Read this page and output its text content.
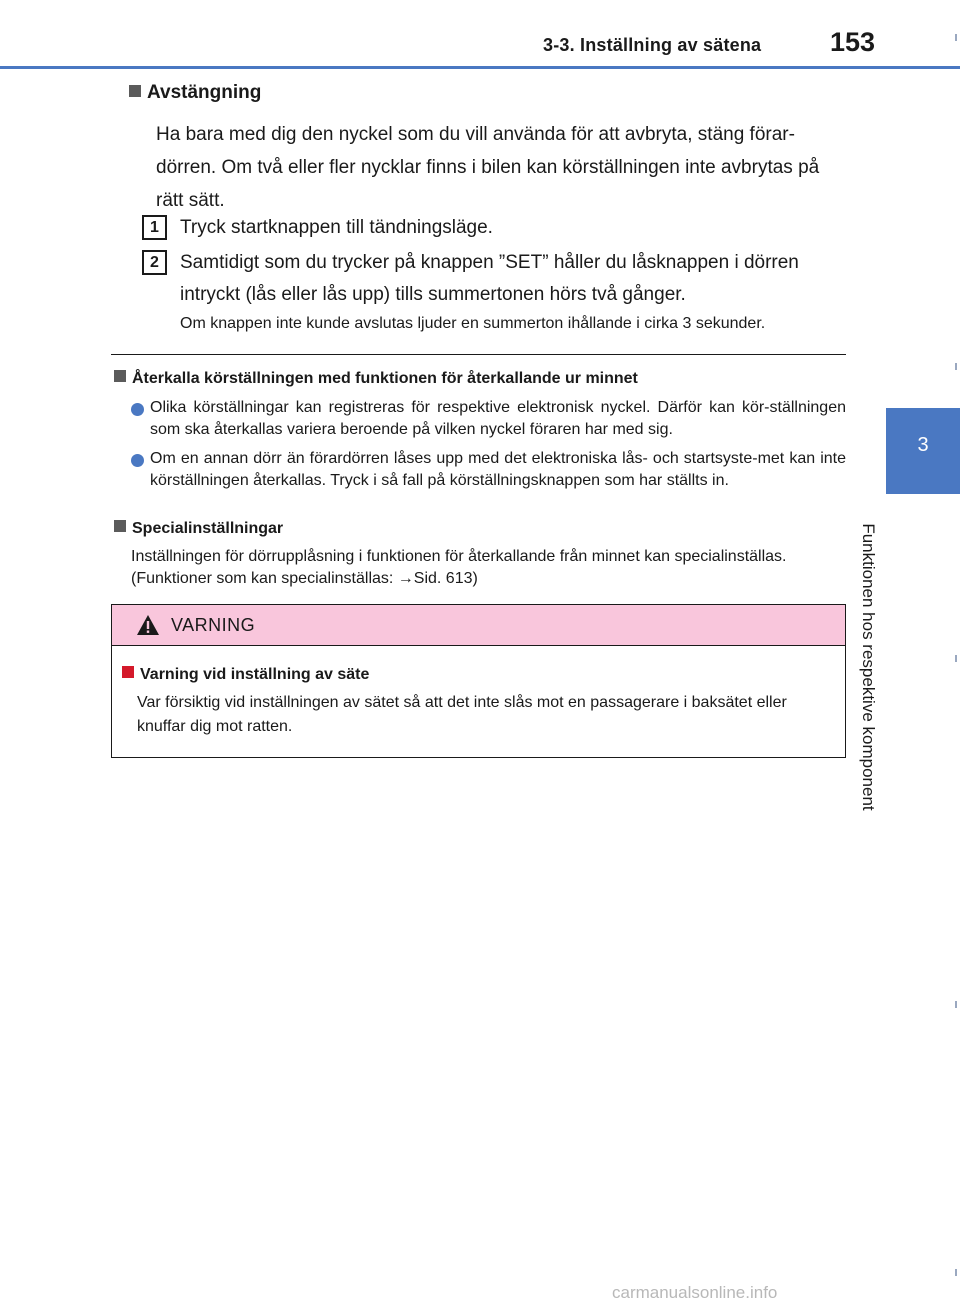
3-3. Inställning av sätena	153
3
Funktionen hos respektive komponent
Avstängning
Ha bara med dig den nyckel som du vill använda för att avbryta, stäng förar-dörren. Om två eller fler nycklar finns i bilen kan körställningen inte avbrytas på rätt sätt.
1	Tryck startknappen till tändningsläge.
2	Samtidigt som du trycker på knappen ”SET” håller du låsknappen i dörren intryckt (lås eller lås upp) tills summertonen hörs två gånger.
Om knappen inte kunde avslutas ljuder en summerton ihållande i cirka 3 sekunder.
Återkalla körställningen med funktionen för återkallande ur minnet
Olika körställningar kan registreras för respektive elektronisk nyckel. Därför kan kör-ställningen som ska återkallas variera beroende på vilken nyckel föraren har med sig.
Om en annan dörr än förardörren låses upp med det elektroniska lås- och startsyste-met kan inte körställningen återkallas. Tryck i så fall på körställningsknappen som har ställts in.
Specialinställningar
Inställningen för dörrupplåsning i funktionen för återkallande från minnet kan specialinställas. (Funktioner som kan specialinställas: →Sid. 613)
VARNING
Varning vid inställning av säte
Var försiktig vid inställningen av sätet så att det inte slås mot en passagerare i baksätet eller knuffar dig mot ratten.
carmanualsonline.info
